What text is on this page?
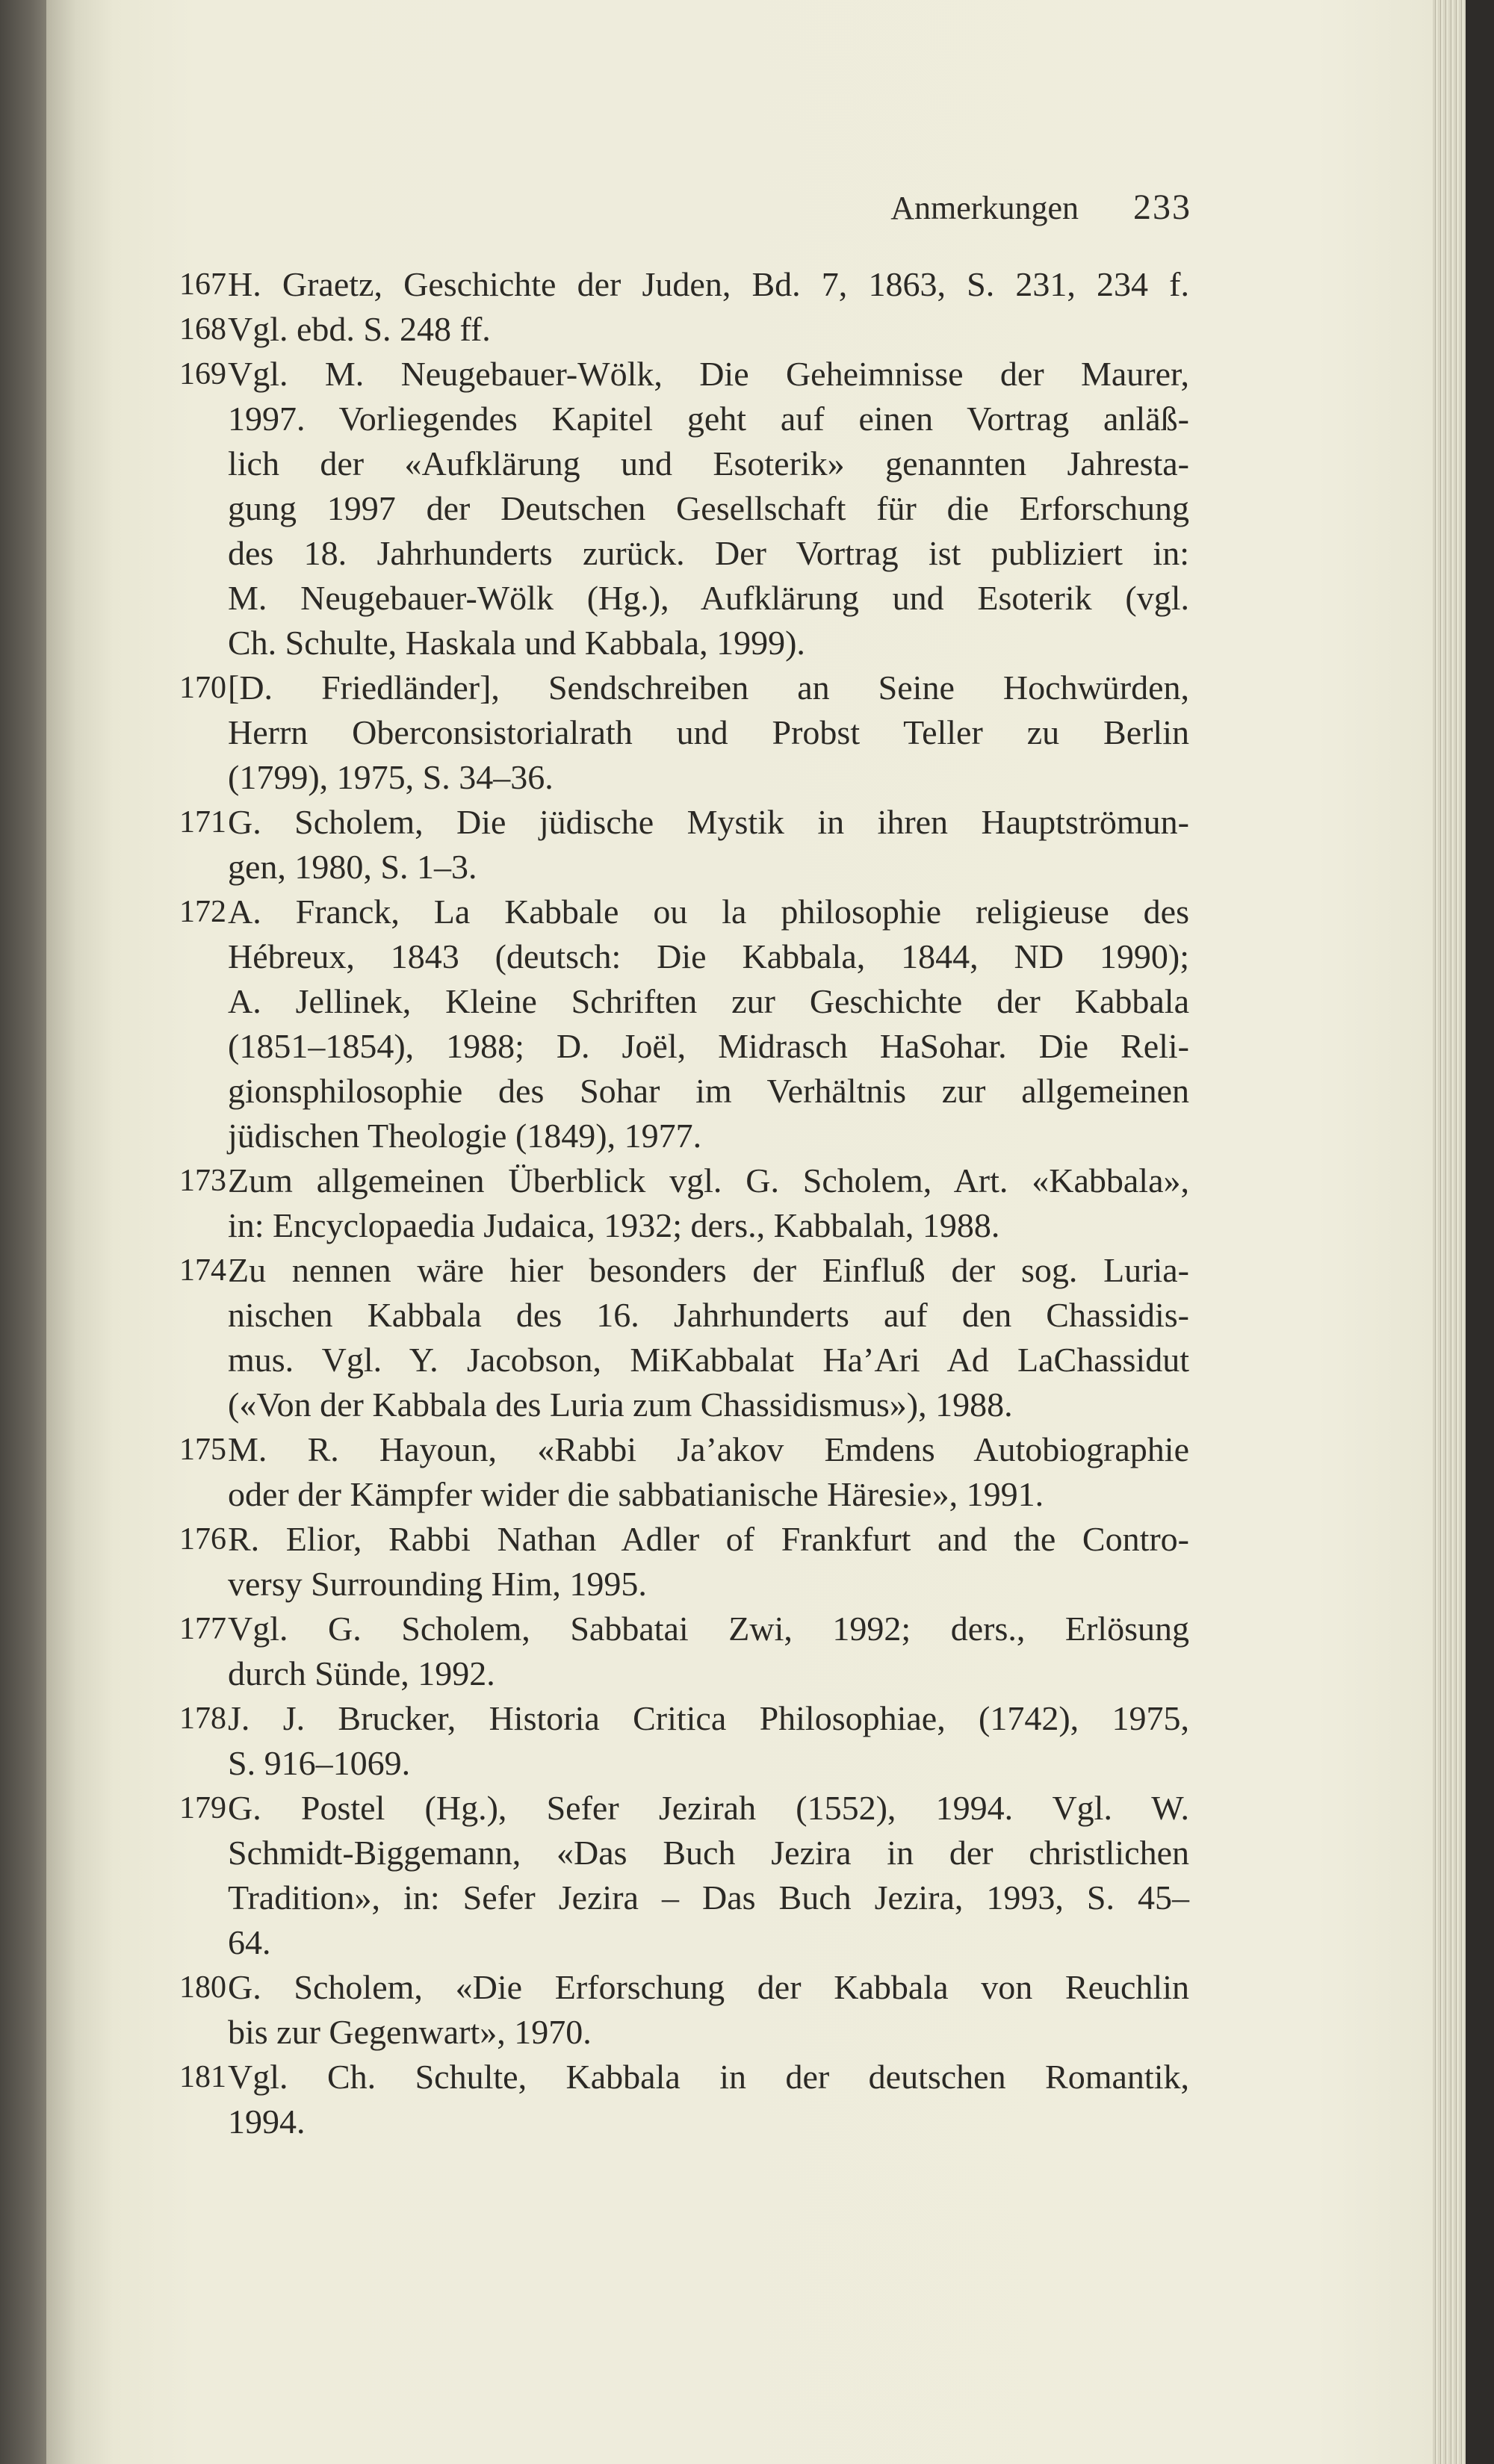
Anmerkungen 233
167 H. Graetz, Geschichte der Juden, Bd. 7, 1863, S. 231, 234 f.
168 Vgl. ebd. S. 248 ff.
169 Vgl. M. Neugebauer-Wölk, Die Geheimnisse der Maurer,
1997. Vorliegendes Kapitel geht auf einen Vortrag anläß-
lich der «Aufklärung und Esoterik» genannten Jahresta-
gung 1997 der Deutschen Gesellschaft für die Erforschung
des 18. Jahrhunderts zurück. Der Vortrag ist publiziert in:
M. Neugebauer-Wölk (Hg.), Aufklärung und Esoterik (vgl.
Ch. Schulte, Haskala und Kabbala, 1999).
170 [D. Friedländer], Sendschreiben an Seine Hochwürden,
Herrn Oberconsistorialrath und Probst Teller zu Berlin
(1799), 1975, S. 34–36.
171 G. Scholem, Die jüdische Mystik in ihren Hauptströmun-
gen, 1980, S. 1–3.
172 A. Franck, La Kabbale ou la philosophie religieuse des
Hébreux, 1843 (deutsch: Die Kabbala, 1844, ND 1990);
A. Jellinek, Kleine Schriften zur Geschichte der Kabbala
(1851–1854), 1988; D. Joël, Midrasch HaSohar. Die Reli-
gionsphilosophie des Sohar im Verhältnis zur allgemeinen
jüdischen Theologie (1849), 1977.
173 Zum allgemeinen Überblick vgl. G. Scholem, Art. «Kabbala»,
in: Encyclopaedia Judaica, 1932; ders., Kabbalah, 1988.
174 Zu nennen wäre hier besonders der Einfluß der sog. Luria-
nischen Kabbala des 16. Jahrhunderts auf den Chassidis-
mus. Vgl. Y. Jacobson, MiKabbalat Ha’Ari Ad LaChassidut
(«Von der Kabbala des Luria zum Chassidismus»), 1988.
175 M. R. Hayoun, «Rabbi Ja’akov Emdens Autobiographie
oder der Kämpfer wider die sabbatianische Häresie», 1991.
176 R. Elior, Rabbi Nathan Adler of Frankfurt and the Contro-
versy Surrounding Him, 1995.
177 Vgl. G. Scholem, Sabbatai Zwi, 1992; ders., Erlösung
durch Sünde, 1992.
178 J. J. Brucker, Historia Critica Philosophiae, (1742), 1975,
S. 916–1069.
179 G. Postel (Hg.), Sefer Jezirah (1552), 1994. Vgl. W.
Schmidt-Biggemann, «Das Buch Jezira in der christlichen
Tradition», in: Sefer Jezira – Das Buch Jezira, 1993, S. 45–
64.
180 G. Scholem, «Die Erforschung der Kabbala von Reuchlin
bis zur Gegenwart», 1970.
181 Vgl. Ch. Schulte, Kabbala in der deutschen Romantik,
1994.
